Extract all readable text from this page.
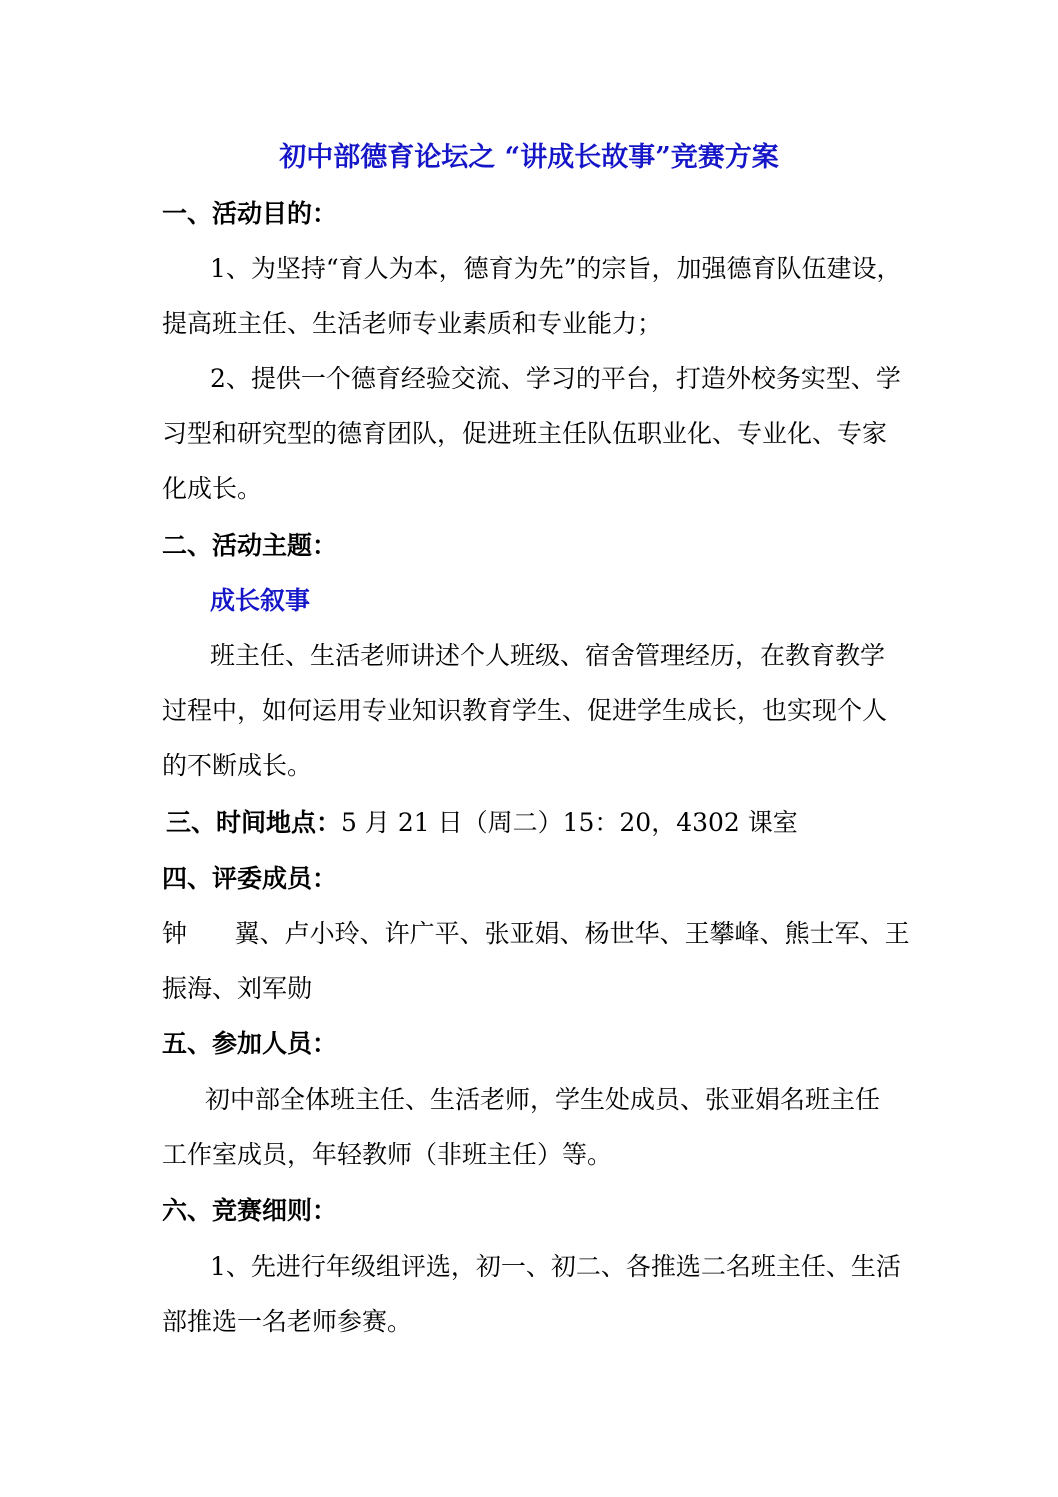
初中部德育论坛之 “讲成长故事”竞赛方案
一、活动目的：
1、为坚持“育人为本，德育为先”的宗旨，加强德育队伍建设，
提高班主任、生活老师专业素质和专业能力；
2、提供一个德育经验交流、学习的平台，打造外校务实型、学
习型和研究型的德育团队，促进班主任队伍职业化、专业化、专家
化成长。
二、活动主题：
成长叙事
班主任、生活老师讲述个人班级、宿舍管理经历，在教育教学
过程中，如何运用专业知识教育学生、促进学生成长，也实现个人
的不断成长。
三、时间地点：5 月 21 日（周二）15：20，4302 课室
四、评委成员：
钟      翼、卢小玲、许广平、张亚娟、杨世华、王攀峰、熊士军、王
振海、刘军勋
五、参加人员：
初中部全体班主任、生活老师，学生处成员、张亚娟名班主任
工作室成员，年轻教师（非班主任）等。
六、竞赛细则：
1、先进行年级组评选，初一、初二、各推选二名班主任、生活
部推选一名老师参赛。
